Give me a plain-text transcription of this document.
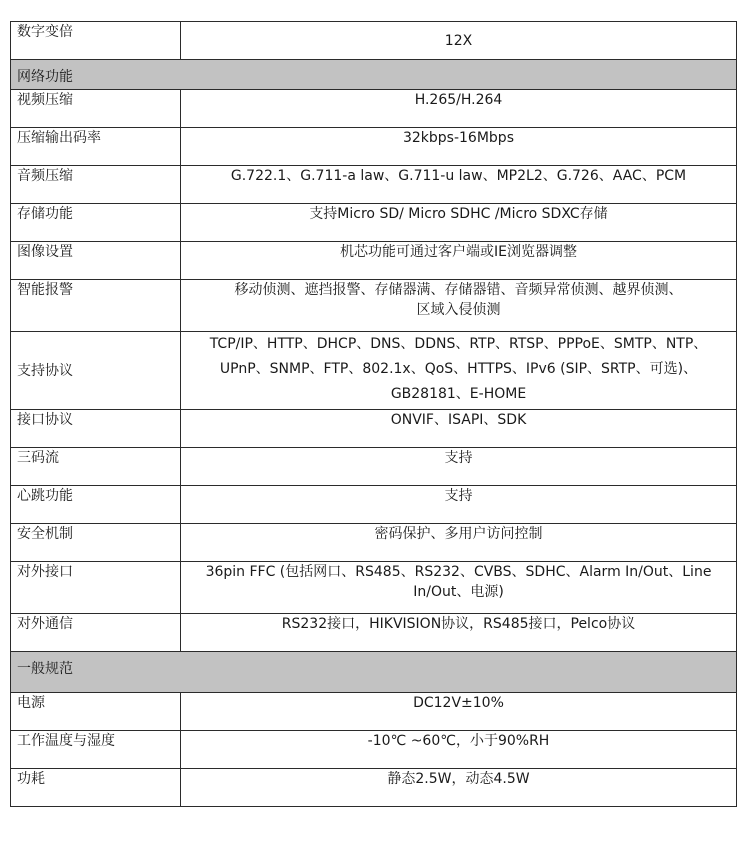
数字变倍	12X
网络功能	
视频压缩	H.265/H.264
压缩输出码率	32kbps-16Mbps
音频压缩	G.722.1、G.711-a law、G.711-u law、MP2L2、G.726、AAC、PCM
存储功能	支持Micro SD/ Micro SDHC /Micro SDXC存储
图像设置	机芯功能可通过客户端或IE浏览器调整
智能报警	移动侦测、遮挡报警、存储器满、存储器错、音频异常侦测、越界侦测、
区域入侵侦测

支持协议	TCP/IP、HTTP、DHCP、DNS、DDNS、RTP、RTSP、PPPoE、SMTP、NTP、
UPnP、SNMP、FTP、802.1x、QoS、HTTPS、IPv6 (SIP、SRTP、可选)、
GB28181、E-HOME

接口协议	ONVIF、ISAPI、SDK
三码流	支持
心跳功能	支持
安全机制	密码保护、多用户访问控制
对外接口	36pin FFC (包括网口、RS485、RS232、CVBS、SDHC、Alarm In/Out、Line
In/Out、电源)

对外通信	RS232接口，HIKVISION协议，RS485接口，Pelco协议
一般规范	
电源	DC12V±10%
工作温度与湿度	-10℃ ~60℃，小于90%RH
功耗	静态2.5W，动态4.5W
